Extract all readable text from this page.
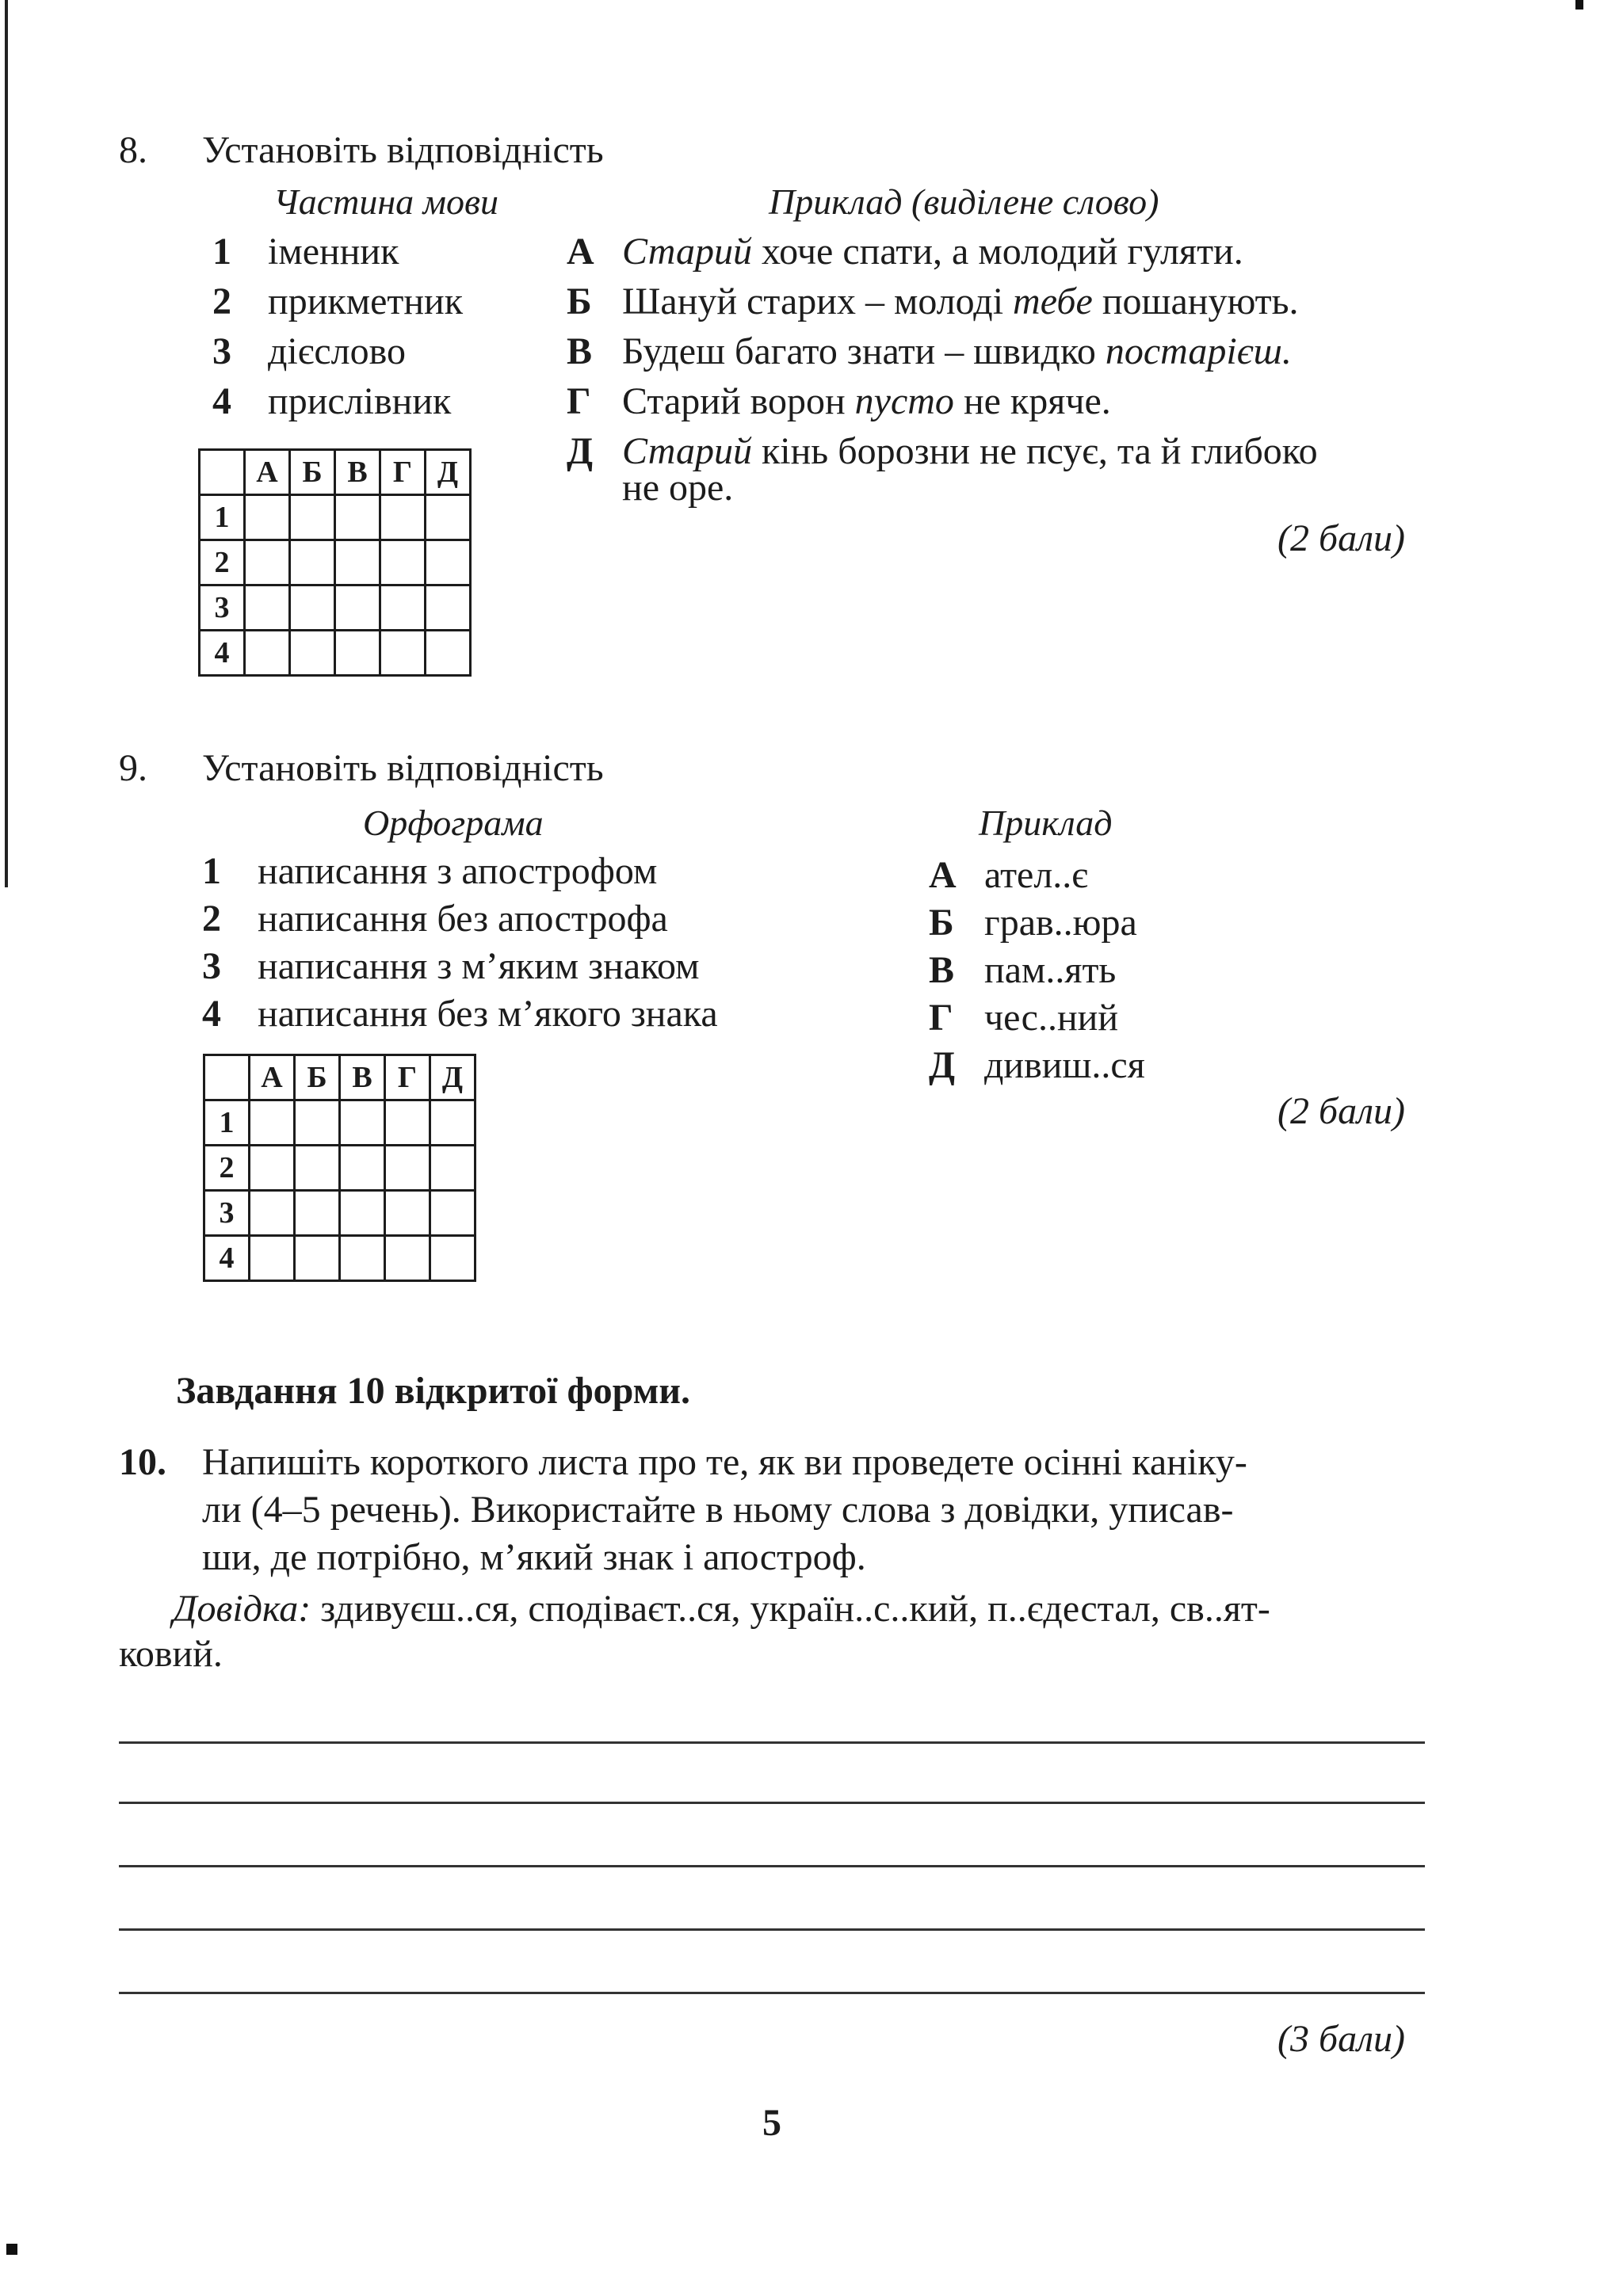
8. Установіть відповідність
Частина мови	Приклад (виділене слово)
1 іменник
2 прикметник
3 дієслово
4 прислівник
А Старий хоче спати, а молодий гуляти.
Б Шануй старих – молоді тебе пошанують.
В Будеш багато знати – швидко постарієш.
Г Старий ворон пусто не кряче.
Д Старий кінь борозни не псує, та й глибоко
не оре.
(2 бали)
	А	Б	В	Г	Д
1					
2					
3					
4					
9. Установіть відповідність
Орфограма	Приклад
1 написання з апострофом
2 написання без апострофа
3 написання з м’яким знаком
4 написання без м’якого знака
А ател..є
Б грав..юра
В пам..ять
Г чес..ний
Д дивиш..ся
(2 бали)
	А	Б	В	Г	Д
1					
2					
3					
4					
Завдання 10 відкритої форми.
10. Напишіть короткого листа про те, як ви проведете осінні каніку-
ли (4–5 речень). Використайте в ньому слова з довідки, уписав-
ши, де потрібно, м’який знак і апостроф.
Довідка: здивуєш..ся, сподіваєт..ся, україн..с..кий, п..єдестал, св..ят-
ковий.
(3 бали)
5
